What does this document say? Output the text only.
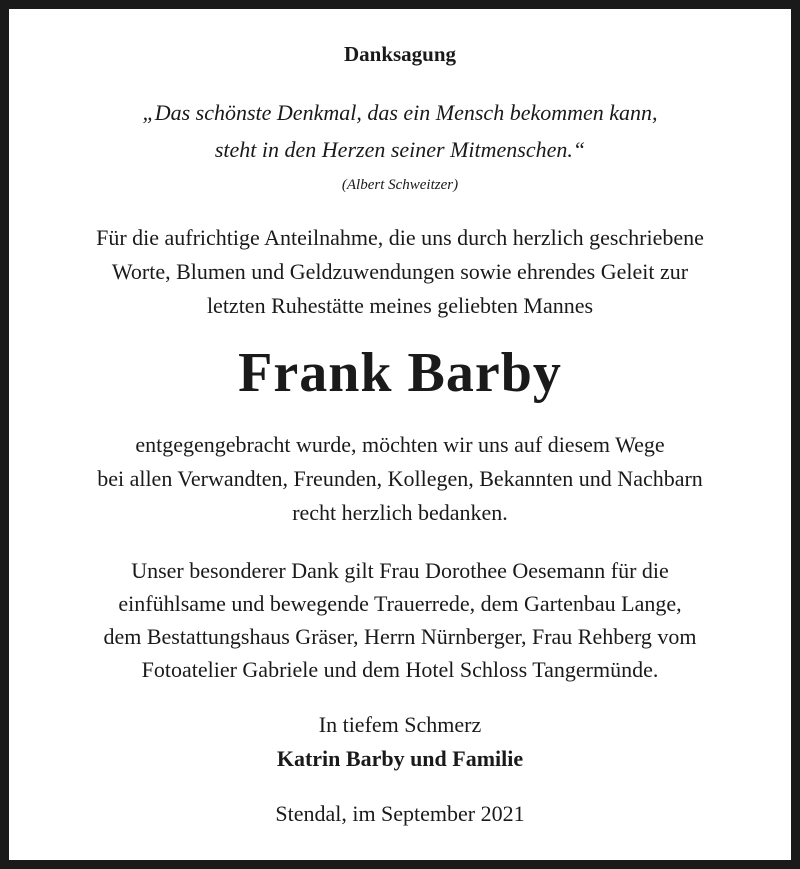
Danksagung
„Das schönste Denkmal, das ein Mensch bekommen kann,
steht in den Herzen seiner Mitmenschen.“
(Albert Schweitzer)
Für die aufrichtige Anteilnahme, die uns durch herzlich geschriebene
Worte, Blumen und Geldzuwendungen sowie ehrendes Geleit zur
letzten Ruhestätte meines geliebten Mannes
Frank Barby
entgegengebracht wurde, möchten wir uns auf diesem Wege
bei allen Verwandten, Freunden, Kollegen, Bekannten und Nachbarn
recht herzlich bedanken.
Unser besonderer Dank gilt Frau Dorothee Oesemann für die
einfühlsame und bewegende Trauerrede, dem Gartenbau Lange,
dem Bestattungshaus Gräser, Herrn Nürnberger, Frau Rehberg vom
Fotoatelier Gabriele und dem Hotel Schloss Tangermünde.
In tiefem Schmerz
Katrin Barby und Familie
Stendal, im September 2021
